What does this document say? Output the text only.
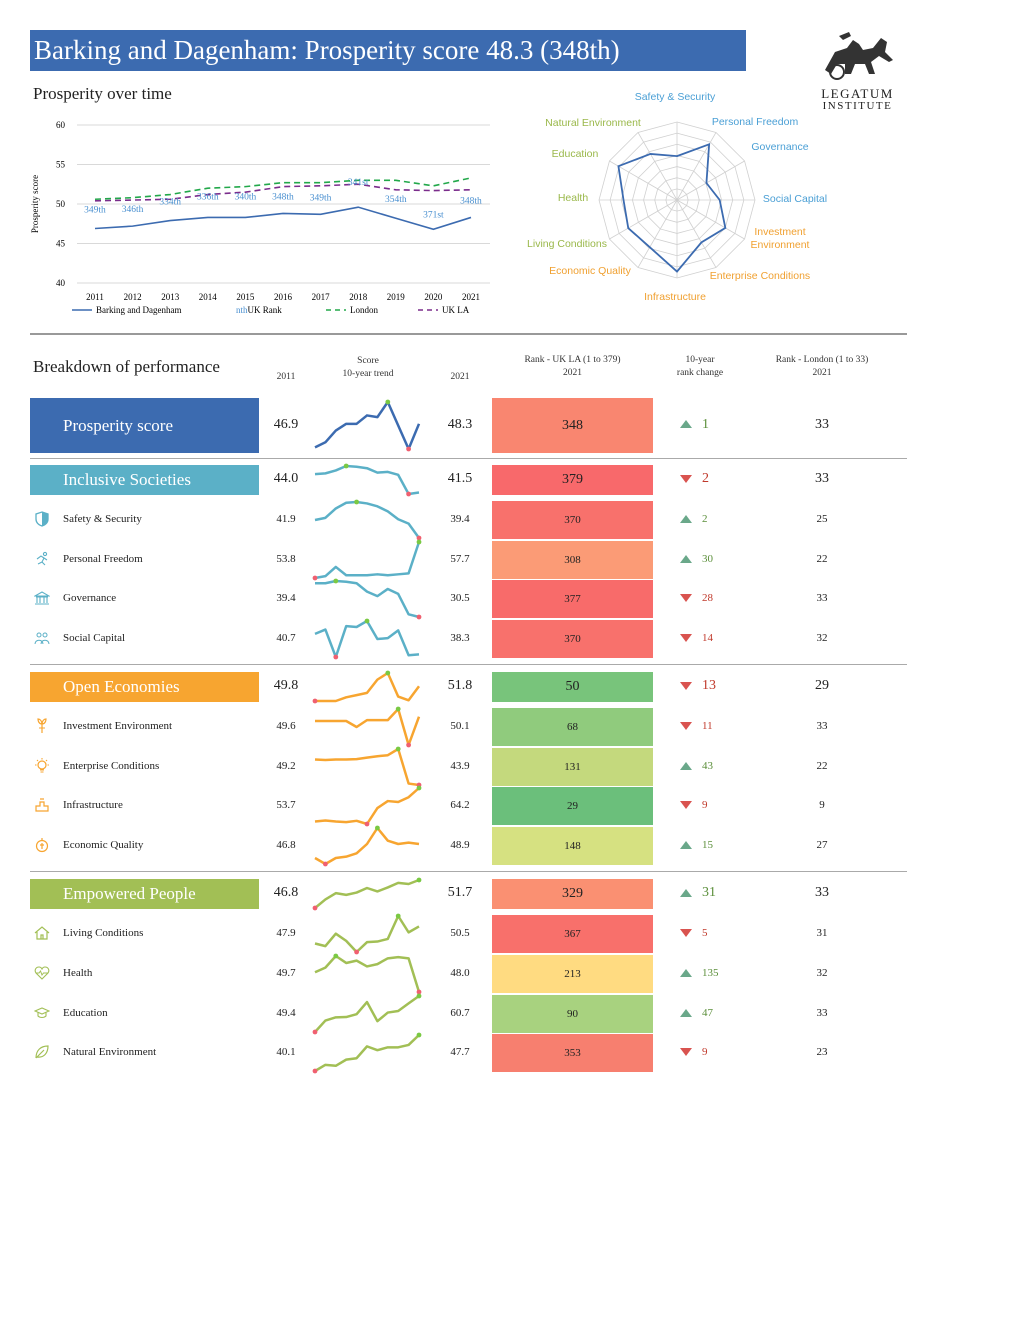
Barking and Dagenham: Prosperity score 48.3 (348th)
LEGATUM
INSTITUTE
Prosperity over time
Prosperity score
60
55
50
45
40
2011 2012 2013 2014 2015 2016 2017 2018 2019 2020 2021
349th 346th
334th
336th 340th 348th 349th
341st
354th
371st
348th
Barking and Dagenham	nthUK Rank	London	UK LA
Safety & Security
Personal Freedom
Governance
Social Capital
Investment Environment
Enterprise Conditions
Infrastructure
Economic Quality
Living Conditions
Health
Education
Natural Environment
Breakdown of performance
2011
Score
10-year trend	2021
Rank - UK LA (1 to 379)
2021
10-year
rank change
Rank - London (1 to 33)
2021
Prosperity score	46.9	48.3	348	1	33
Inclusive Societies	44.0	41.5	379	2	33
Safety & Security	41.9	39.4	370	2	25
Personal Freedom	53.8	57.7	308	30	22
Governance	39.4	30.5	377	28	33
Social Capital	40.7	38.3	370	14	32
Open Economies	49.8	51.8	50	13	29
Investment Environment	49.6	50.1	68	11	33
Enterprise Conditions	49.2	43.9	131	43	22
Infrastructure	53.7	64.2	29	9	9
Economic Quality	46.8	48.9	148	15	27
Empowered People	46.8	51.7	329	31	33
Living Conditions	47.9	50.5	367	5	31
Health	49.7	48.0	213	135	32
Education	49.4	60.7	90	47	33
Natural Environment	40.1	47.7	353	9	23
